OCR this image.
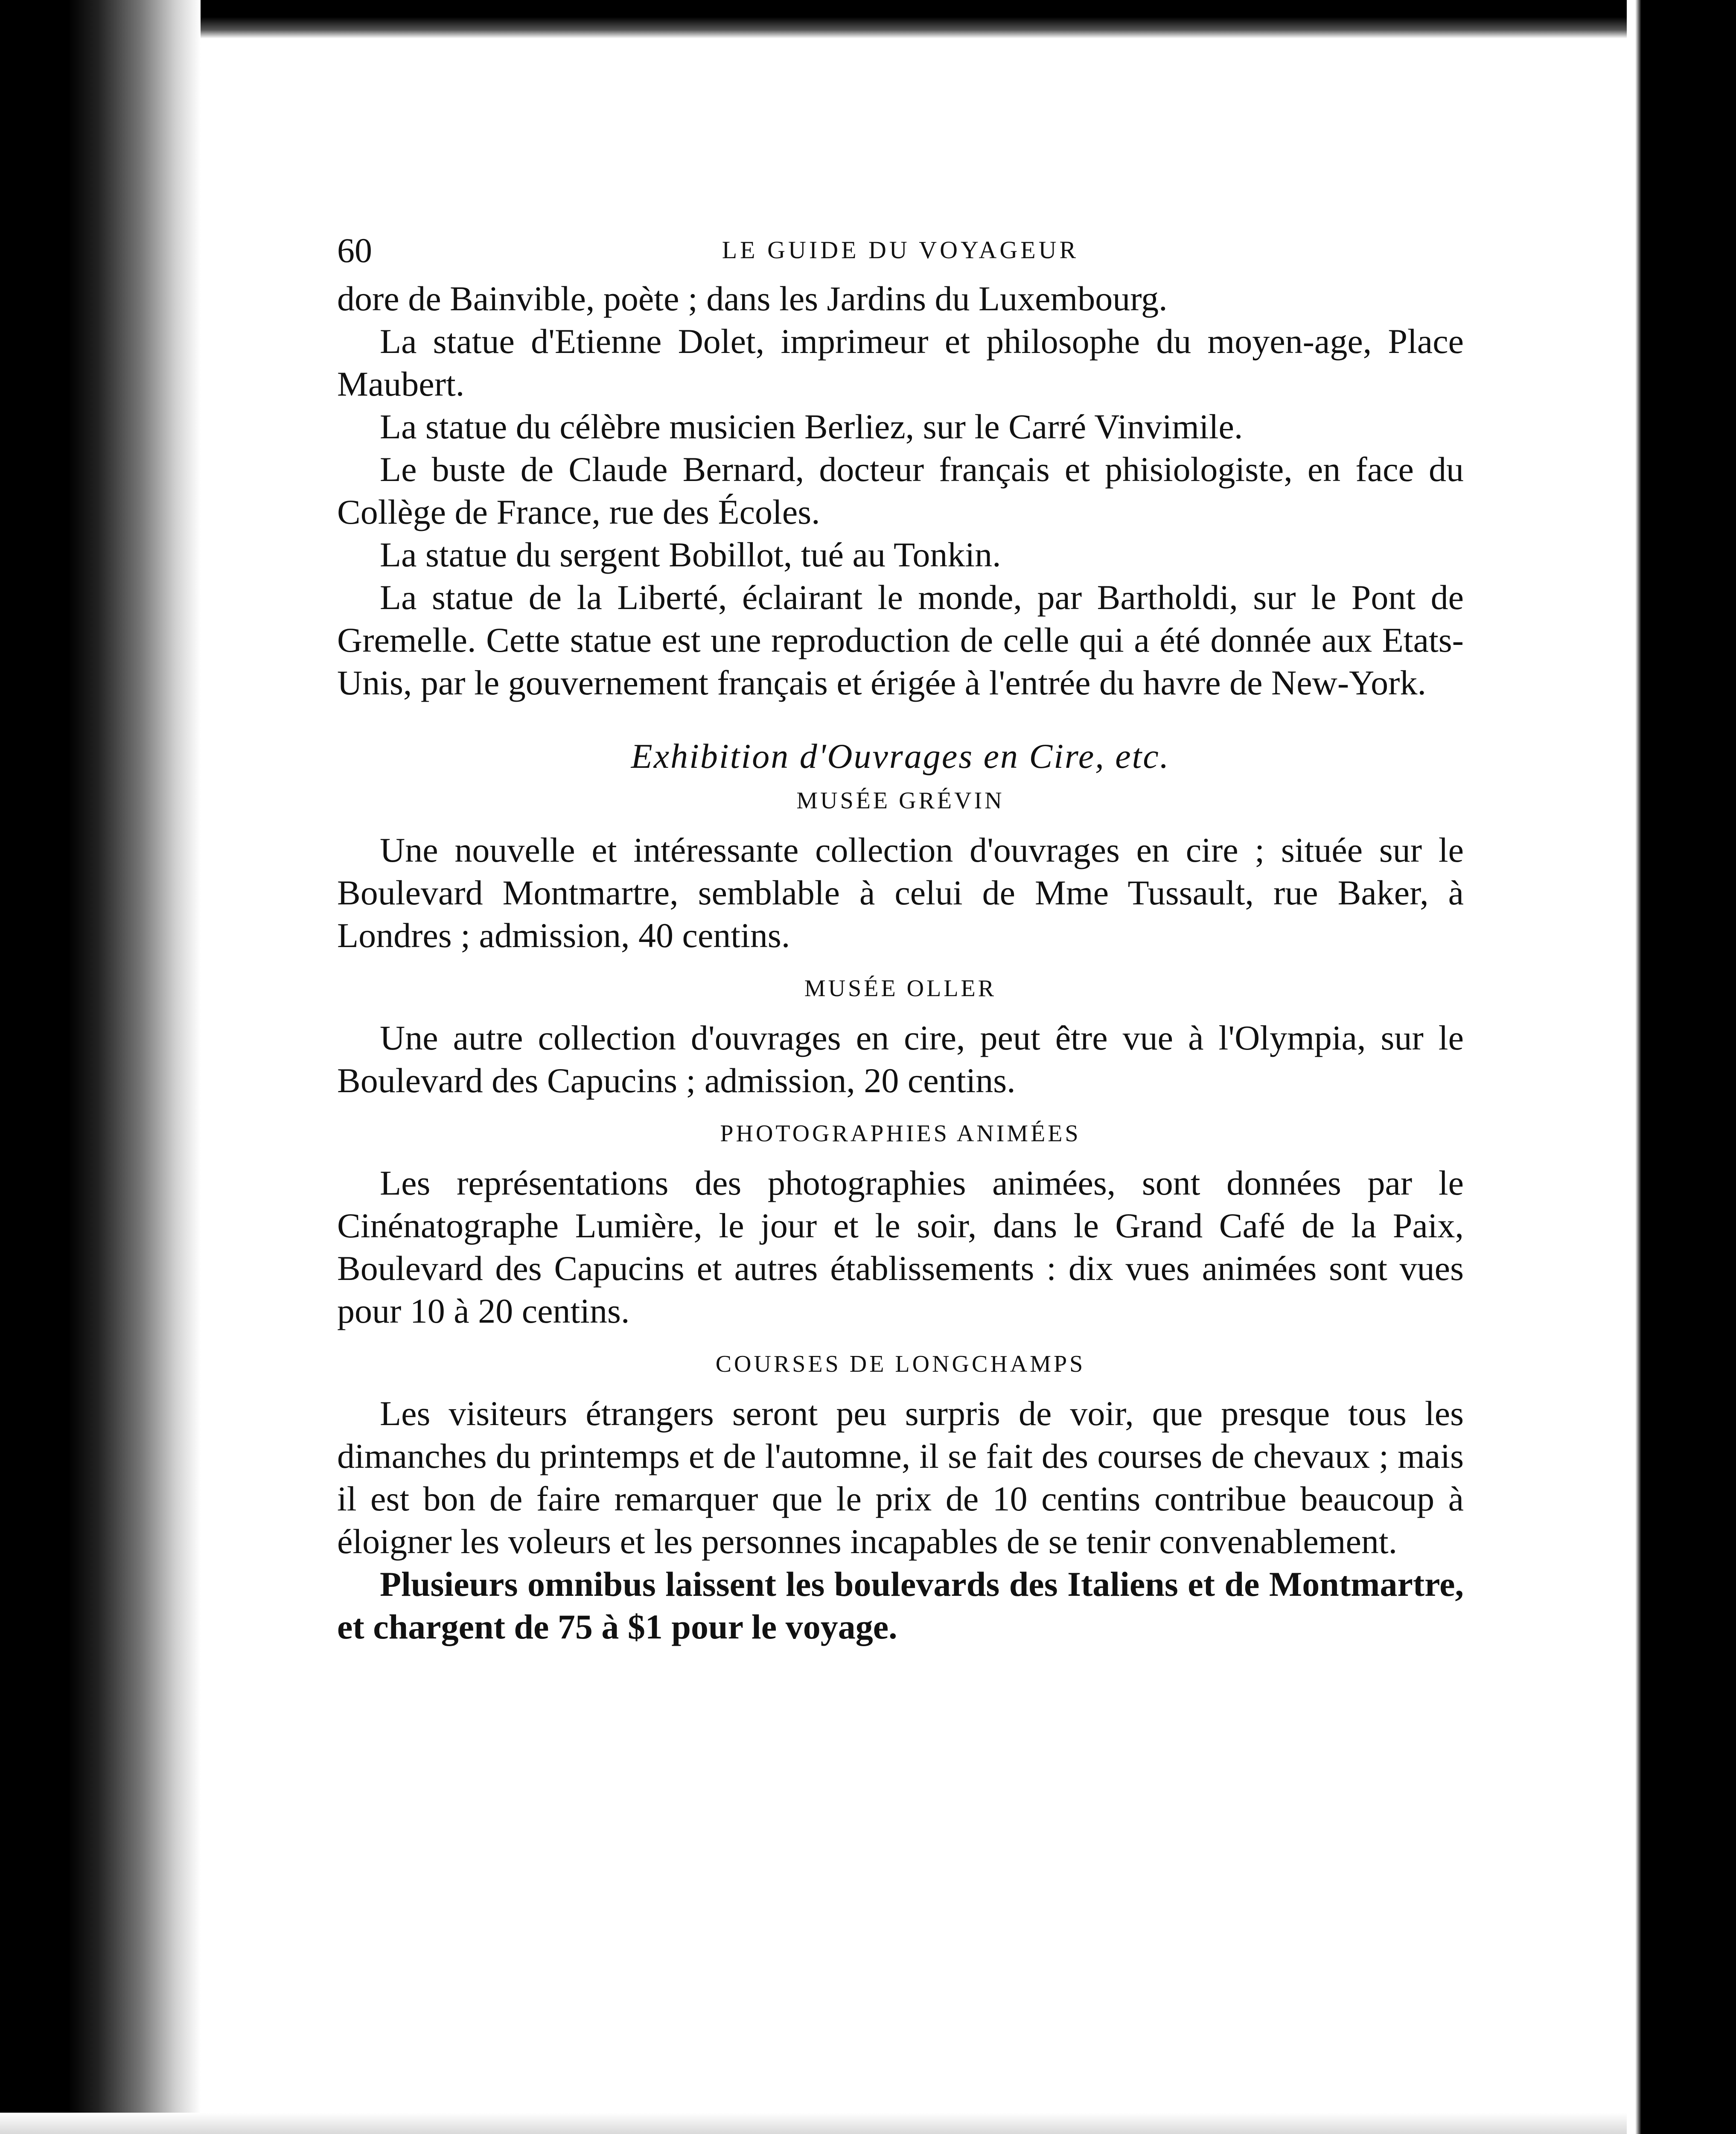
60	LE GUIDE DU VOYAGEUR

dore de Bainvible, poète ; dans les Jardins du Luxembourg.

La statue d'Etienne Dolet, imprimeur et philosophe du moyen-age, Place Maubert.

La statue du célèbre musicien Berliez, sur le Carré Vinvimile.

Le buste de Claude Bernard, docteur français et phisiologiste, en face du Collège de France, rue des Écoles.

La statue du sergent Bobillot, tué au Tonkin.

La statue de la Liberté, éclairant le monde, par Bartholdi, sur le Pont de Gremelle. Cette statue est une reproduction de celle qui a été donnée aux Etats-Unis, par le gouvernement français et érigée à l'entrée du havre de New-York.

Exhibition d'Ouvrages en Cire, etc.
MUSÉE GRÉVIN

Une nouvelle et intéressante collection d'ouvrages en cire ; située sur le Boulevard Montmartre, semblable à celui de Mme Tussault, rue Baker, à Londres ; admission, 40 centins.

MUSÉE OLLER

Une autre collection d'ouvrages en cire, peut être vue à l'Olympia, sur le Boulevard des Capucins ; admission, 20 centins.

PHOTOGRAPHIES ANIMÉES

Les représentations des photographies animées, sont données par le Cinénatographe Lumière, le jour et le soir, dans le Grand Café de la Paix, Boulevard des Capucins et autres établissements : dix vues animées sont vues pour 10 à 20 centins.

COURSES DE LONGCHAMPS

Les visiteurs étrangers seront peu surpris de voir, que presque tous les dimanches du printemps et de l'automne, il se fait des courses de chevaux ; mais il est bon de faire remarquer que le prix de 10 centins contribue beaucoup à éloigner les voleurs et les personnes incapables de se tenir convenablement.

Plusieurs omnibus laissent les boulevards des Italiens et de Montmartre, et chargent de 75 à $1 pour le voyage.
